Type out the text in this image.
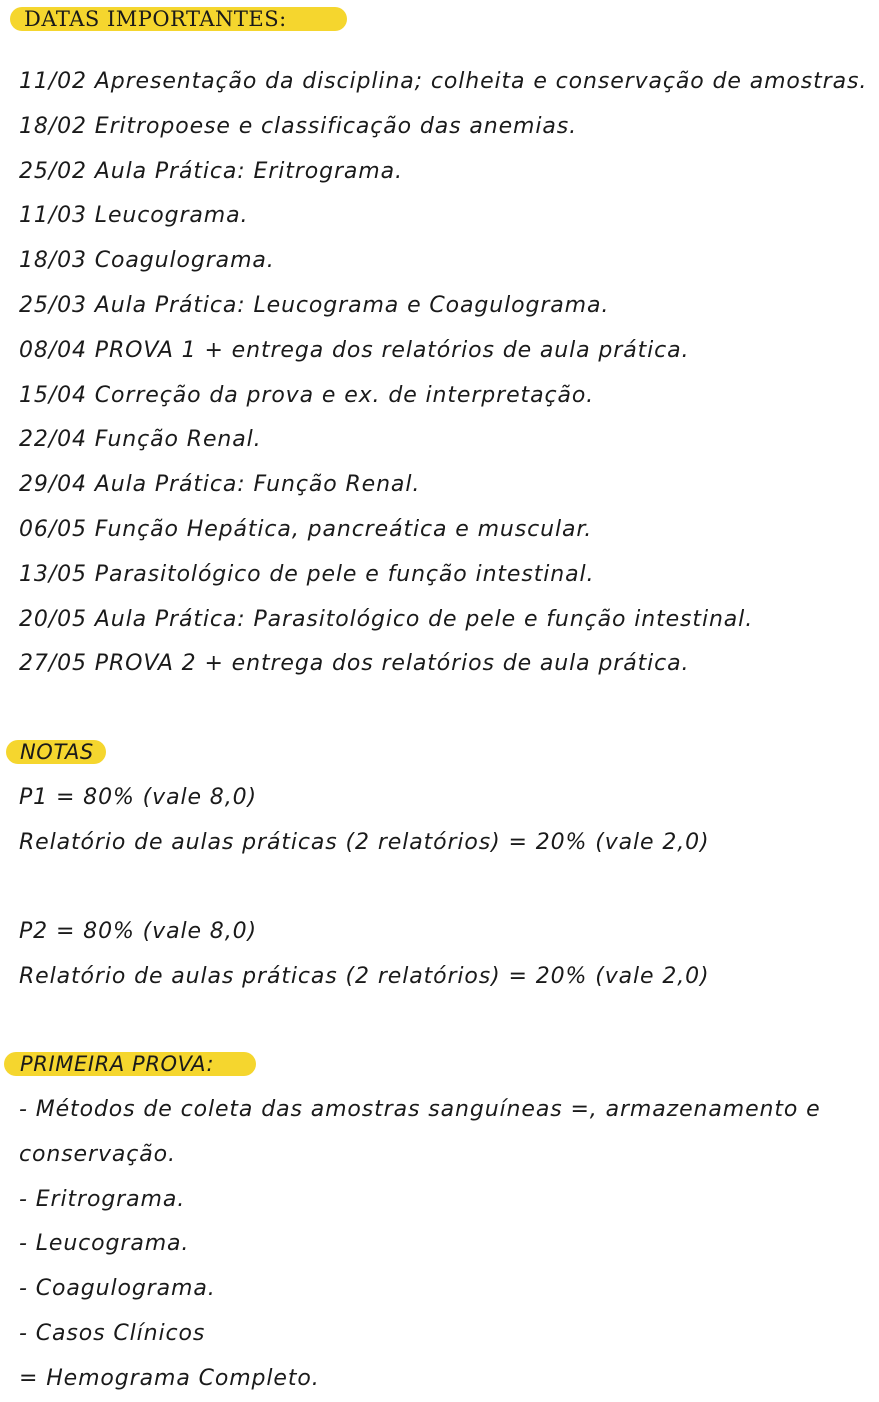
DATAS IMPORTANTES:
11/02 Apresentação da disciplina; colheita e conservação de amostras.
18/02 Eritropoese e classificação das anemias.
25/02 Aula Prática: Eritrograma.
11/03 Leucograma.
18/03 Coagulograma.
25/03 Aula Prática: Leucograma e Coagulograma.
08/04 PROVA 1 + entrega dos relatórios de aula prática.
15/04 Correção da prova e ex. de interpretação.
22/04 Função Renal.
29/04 Aula Prática: Função Renal.
06/05 Função Hepática, pancreática e muscular.
13/05 Parasitológico de pele e função intestinal.
20/05 Aula Prática: Parasitológico de pele e função intestinal.
27/05 PROVA 2 + entrega dos relatórios de aula prática.
NOTAS
P1 = 80% (vale 8,0)
Relatório de aulas práticas (2 relatórios) = 20% (vale 2,0)
P2 = 80% (vale 8,0)
Relatório de aulas práticas (2 relatórios) = 20% (vale 2,0)
PRIMEIRA PROVA:
- Métodos de coleta das amostras sanguíneas =, armazenamento e
conservação.
- Eritrograma.
- Leucograma.
- Coagulograma.
- Casos Clínicos
= Hemograma Completo.
